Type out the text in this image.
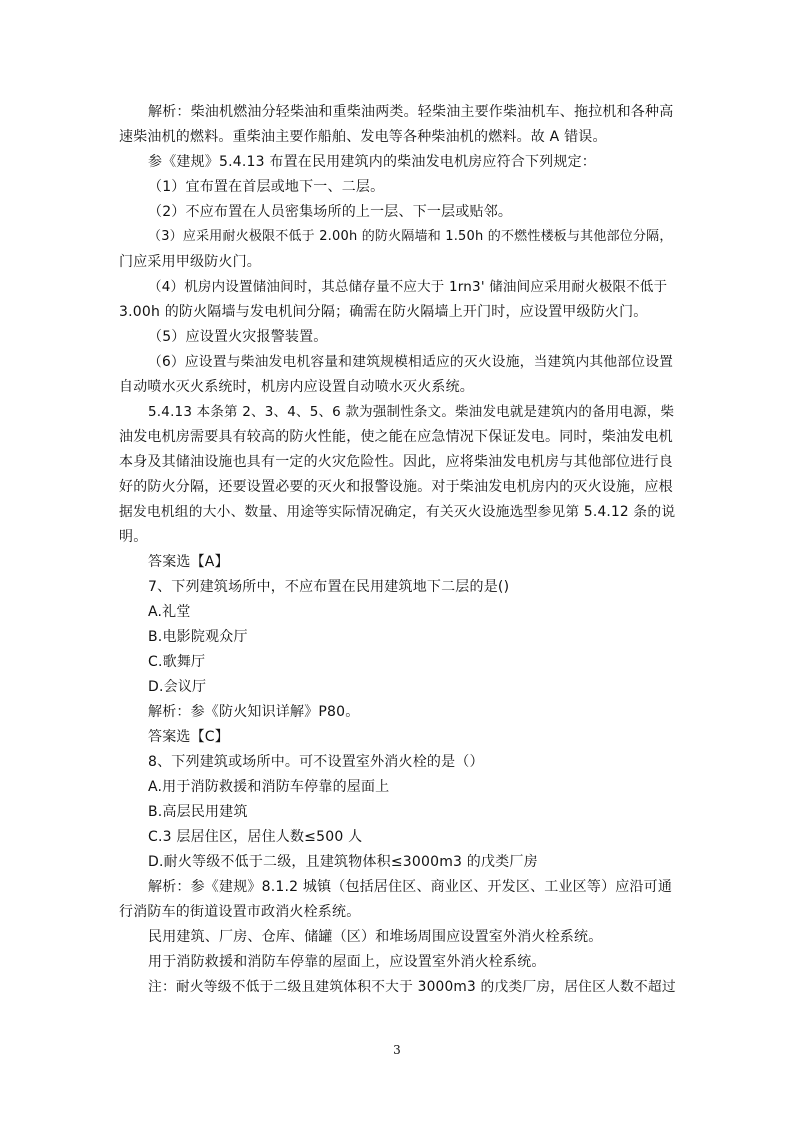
解析：柴油机燃油分轻柴油和重柴油两类。轻柴油主要作柴油机车、拖拉机和各种高
速柴油机的燃料。重柴油主要作船舶、发电等各种柴油机的燃料。故 A 错误。
参《建规》5.4.13 布置在民用建筑内的柴油发电机房应符合下列规定：
（1）宜布置在首层或地下一、二层。
（2）不应布置在人员密集场所的上一层、下一层或贴邻。
（3）应采用耐火极限不低于 2.00h 的防火隔墙和 1.50h 的不燃性楼板与其他部位分隔，
门应采用甲级防火门。
（4）机房内设置储油间时，其总储存量不应大于 1rn3' 储油间应采用耐火极限不低于
3.00h 的防火隔墙与发电机间分隔；确需在防火隔墙上开门时，应设置甲级防火门。
（5）应设置火灾报警装置。
（6）应设置与柴油发电机容量和建筑规模相适应的灭火设施，当建筑内其他部位设置
自动喷水灭火系统时，机房内应设置自动喷水灭火系统。
5.4.13 本条第 2、3、4、5、6 款为强制性条文。柴油发电就是建筑内的备用电源，柴
油发电机房需要具有较高的防火性能，使之能在应急情况下保证发电。同时，柴油发电机
本身及其储油设施也具有一定的火灾危险性。因此，应将柴油发电机房与其他部位进行良
好的防火分隔，还要设置必要的灭火和报警设施。对于柴油发电机房内的灭火设施，应根
据发电机组的大小、数量、用途等实际情况确定，有关灭火设施选型参见第 5.4.12 条的说
明。
答案选【A】
7、下列建筑场所中，不应布置在民用建筑地下二层的是()
A.礼堂
B.电影院观众厅
C.歌舞厅
D.会议厅
解析：参《防火知识详解》P80。
答案选【C】
8、下列建筑或场所中。可不设置室外消火栓的是（）
A.用于消防救援和消防车停靠的屋面上
B.高层民用建筑
C.3 层居住区，居住人数≤500 人
D.耐火等级不低于二级，且建筑物体积≤3000m3 的戊类厂房
解析：参《建规》8.1.2 城镇（包括居住区、商业区、开发区、工业区等）应沿可通
行消防车的街道设置市政消火栓系统。
民用建筑、厂房、仓库、储罐（区）和堆场周围应设置室外消火栓系统。
用于消防救援和消防车停靠的屋面上，应设置室外消火栓系统。
注：耐火等级不低于二级且建筑体积不大于 3000m3 的戊类厂房，居住区人数不超过
3
